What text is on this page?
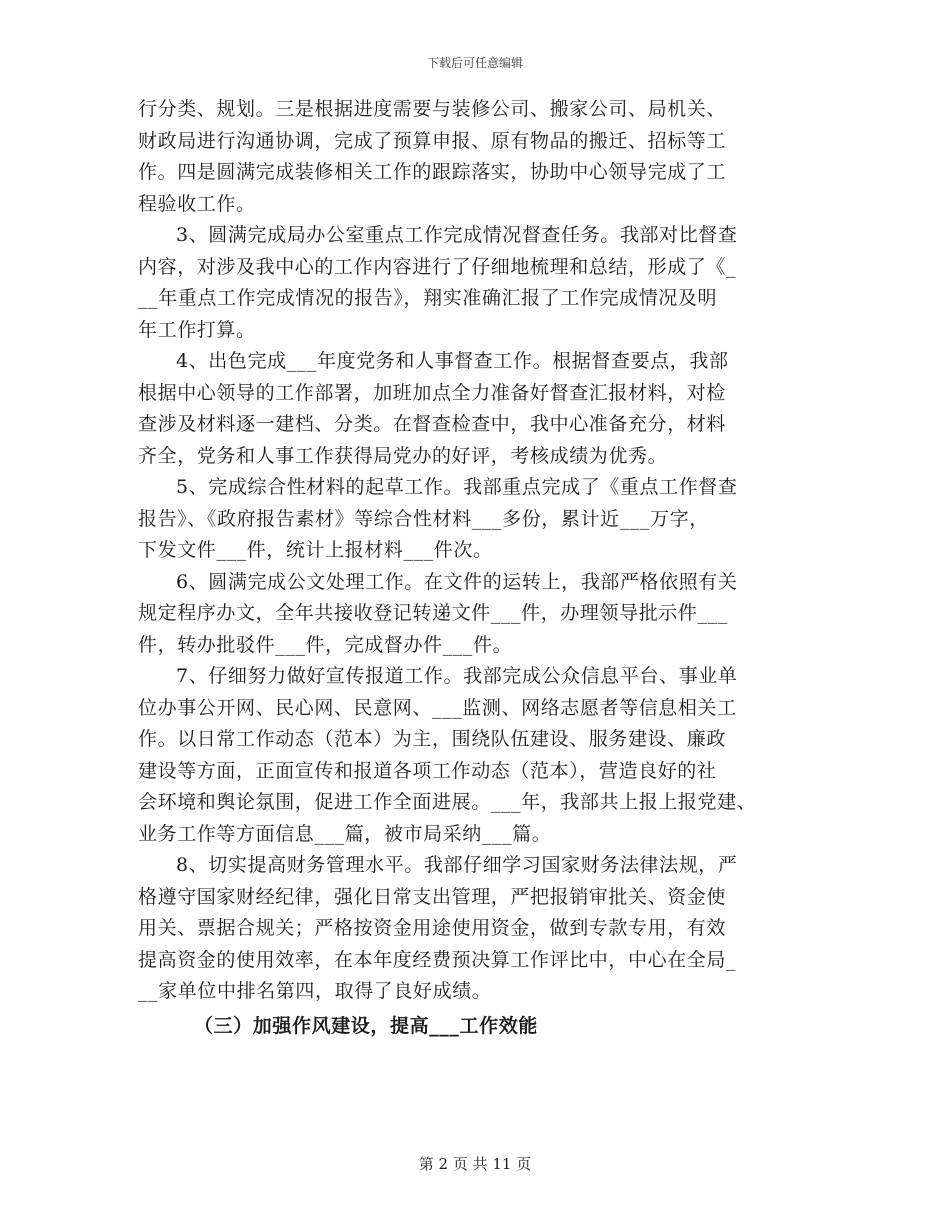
下载后可任意编辑
行分类、规划。三是根据进度需要与装修公司、搬家公司、局机关、
财政局进行沟通协调，完成了预算申报、原有物品的搬迁、招标等工
作。四是圆满完成装修相关工作的跟踪落实，协助中心领导完成了工
程验收工作。
3、圆满完成局办公室重点工作完成情况督查任务。我部对比督查
内容，对涉及我中心的工作内容进行了仔细地梳理和总结，形成了《_
__年重点工作完成情况的报告》，翔实准确汇报了工作完成情况及明
年工作打算。
4、出色完成___年度党务和人事督查工作。根据督查要点，我部
根据中心领导的工作部署，加班加点全力准备好督查汇报材料，对检
查涉及材料逐一建档、分类。在督查检查中，我中心准备充分，材料
齐全，党务和人事工作获得局党办的好评，考核成绩为优秀。
5、完成综合性材料的起草工作。我部重点完成了《重点工作督查
报告》、《政府报告素材》等综合性材料___多份，累计近___万字，
下发文件___件，统计上报材料___件次。
6、圆满完成公文处理工作。在文件的运转上，我部严格依照有关
规定程序办文，全年共接收登记转递文件___件，办理领导批示件___
件，转办批驳件___件，完成督办件___件。
7、仔细努力做好宣传报道工作。我部完成公众信息平台、事业单
位办事公开网、民心网、民意网、___监测、网络志愿者等信息相关工
作。以日常工作动态（范本）为主，围绕队伍建设、服务建设、廉政
建设等方面，正面宣传和报道各项工作动态（范本），营造良好的社
会环境和舆论氛围，促进工作全面进展。___年，我部共上报上报党建、
业务工作等方面信息___篇，被市局采纳___篇。
8、切实提高财务管理水平。我部仔细学习国家财务法律法规，严
格遵守国家财经纪律，强化日常支出管理，严把报销审批关、资金使
用关、票据合规关；严格按资金用途使用资金，做到专款专用，有效
提高资金的使用效率，在本年度经费预决算工作评比中，中心在全局_
__家单位中排名第四，取得了良好成绩。
（三）加强作风建设，提高___工作效能
第 2 页 共 11 页
